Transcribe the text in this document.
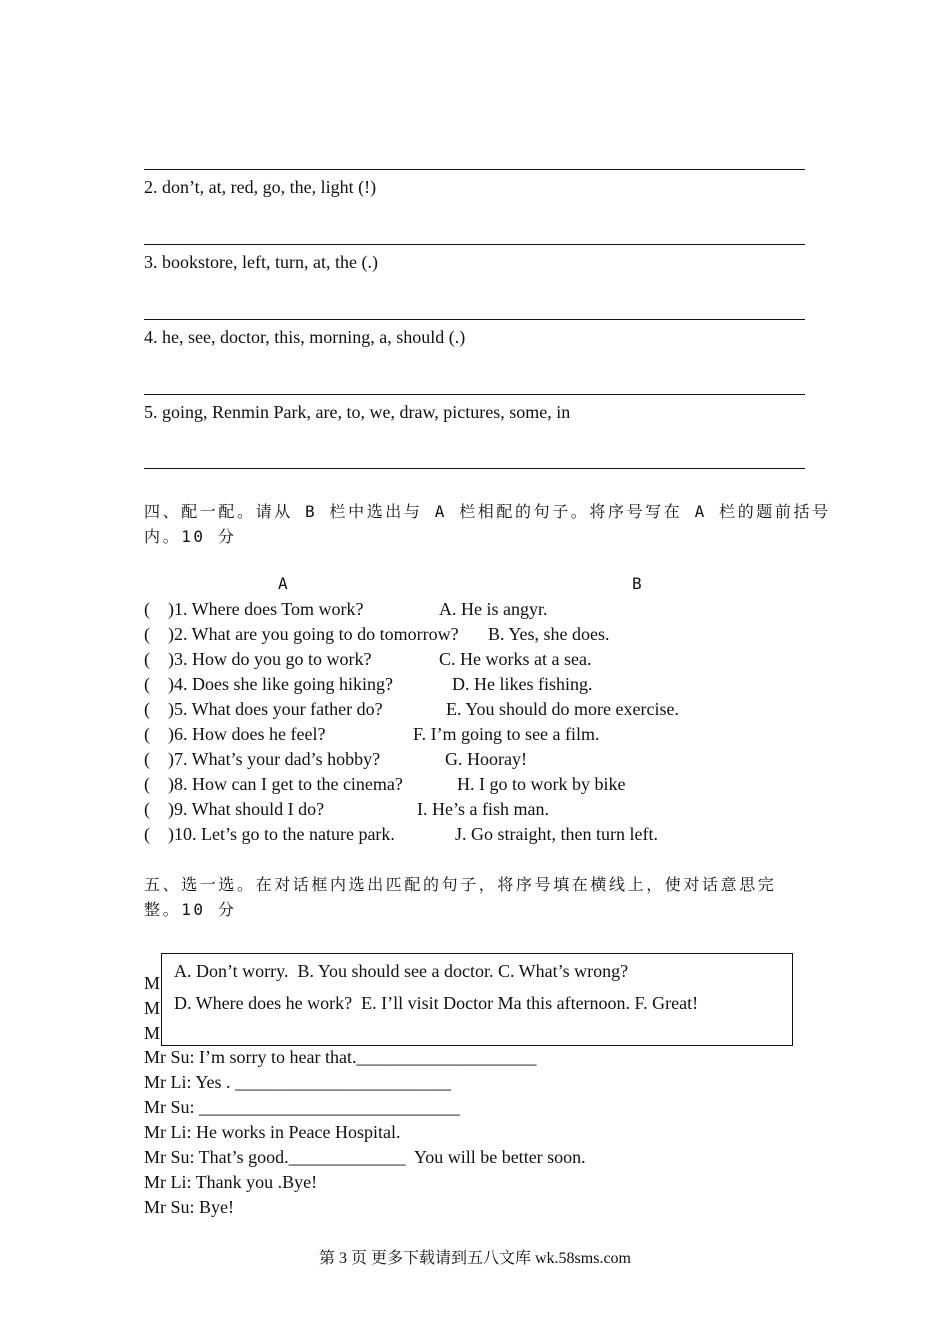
2. don’t, at, red, go, the, light (!)
3. bookstore, left, turn, at, the (.)
4. he, see, doctor, this, morning, a, should (.)
5. going, Renmin Park, are, to, we, draw, pictures, some, in
四、配一配。请从 B 栏中选出与 A 栏相配的句子。将序号写在 A 栏的题前括号
内。10 分
A	B
(    )1. Where does Tom work?	A. He is angyr.
(    )2. What are you going to do tomorrow? B. Yes, she does.
(    )3. How do you go to work?	C. He works at a sea.
(    )4. Does she like going hiking?	D. He likes fishing.
(    )5. What does your father do?	E. You should do more exercise.
(    )6. How does he feel?	F. I’m going to see a film.
(    )7. What’s your dad’s hobby?	G. Hooray!
(    )8. How can I get to the cinema?	H. I go to work by bike
(    )9. What should I do?	I. He’s a fish man.
(    )10. Let’s go to the nature park.	J. Go straight, then turn left.
五、选一选。在对话框内选出匹配的句子，将序号填在横线上，使对话意思完
整。10 分
M
M
M
A. Don’t worry.  B. You should see a doctor. C. What’s wrong?
D. Where does he work?  E. I’ll visit Doctor Ma this afternoon. F. Great!
Mr Su: I’m sorry to hear that.____________________
Mr Li: Yes . ________________________
Mr Su: _____________________________
Mr Li: He works in Peace Hospital.
Mr Su: That’s good._____________  You will be better soon.
Mr Li: Thank you .Bye!
Mr Su: Bye!
第 3 页 更多下载请到五八文库 wk.58sms.com
